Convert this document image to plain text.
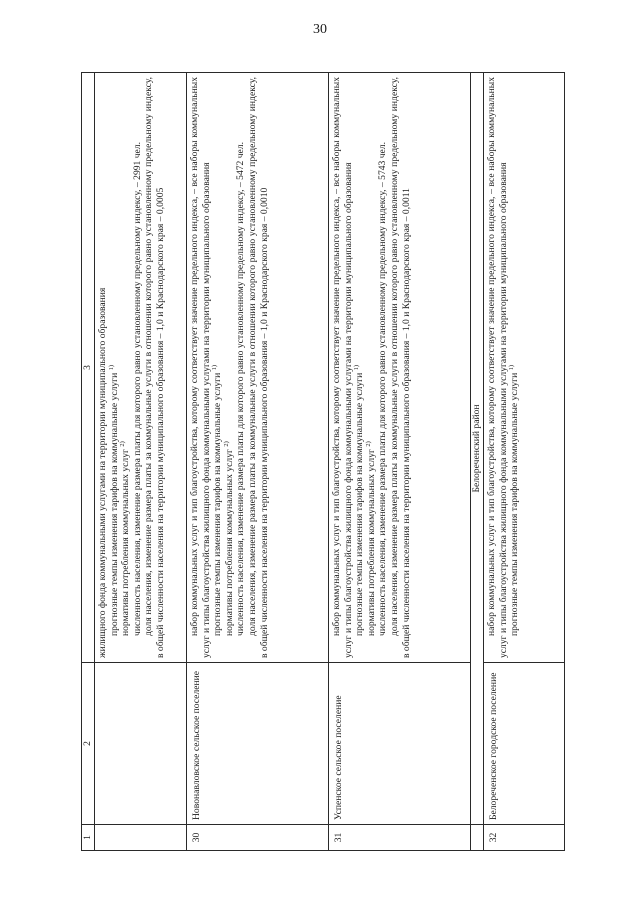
30
1	2	3

		жилищного фонда коммунальными услугами на территории муниципального образования прогнозные темпы изменения тарифов на коммунальные услуги $^{1)}$

нормативы потребления коммунальных услуг $^{2)}$ численность населения, изменение размера платы для которого равно установленному предельному индексу, – 2991 чел. доля населения, изменение размера платы за коммунальные услуги в отношении которого равно установленному предельному индексу, в общей численности населения на территории муниципального образования – 1,0 и Краснодарского края – 0,0005

30	Новонавловское сельское поселение	набор коммунальных услуг и тип благоустройства, которому соответствует значение предельного индекса, – все наборы коммунальных услуг и типы благоустройства жилищного фонда коммунальными услугами на территории муниципального образования прогнозные темпы изменения тарифов на коммунальные услуги $^{1)}$

нормативы потребления коммунальных услуг $^{2)}$ численность населения, изменение размера платы для которого равно установленному предельному индексу, – 5472 чел. доля населения, изменение размера платы за коммунальные услуги в отношении которого равно установленному предельному индексу, в общей численности населения на территории муниципального образования – 1,0 и Краснодарского края – 0,0010

31	Успенское сельское поселение	набор коммунальных услуг и тип благоустройства, которому соответствует значение предельного индекса, – все наборы коммунальных услуг и типы благоустройства жилищного фонда коммунальными услугами на территории муниципального образования прогнозные темпы изменения тарифов на коммунальные услуги $^{1)}$

нормативы потребления коммунальных услуг $^{2)}$ численность населения, изменение размера платы для которого равно установленному предельному индексу, – 5743 чел. доля населения, изменение размера платы за коммунальные услуги в отношении которого равно установленному предельному индексу, в общей численности населения на территории муниципального образования – 1,0 и Краснодарского края – 0,0011

	Белореченский район	
32	Белореченское городское поселение	набор коммунальных услуг и тип благоустройства, которому соответствует значение предельного индекса, – все наборы коммунальных услуг и типы благоустройства жилищного фонда коммунальными услугами на территории муниципального образования прогнозные темпы изменения тарифов на коммунальные услуги $^{1)}$
